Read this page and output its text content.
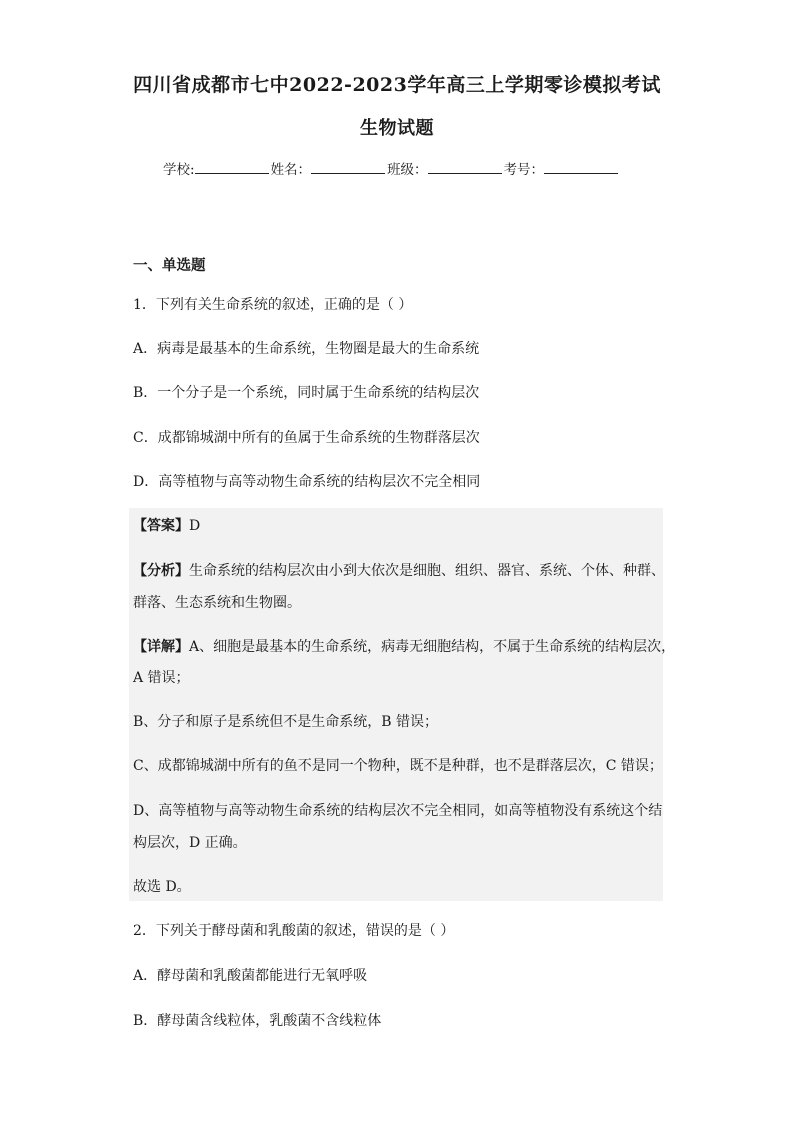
四川省成都市七中2022-2023学年高三上学期零诊模拟考试
生物试题
学校:	姓名：	班级：	考号：
一、单选题
1．下列有关生命系统的叙述，正确的是（ ）
A．病毒是最基本的生命系统，生物圈是最大的生命系统
B．一个分子是一个系统，同时属于生命系统的结构层次
C．成都锦城湖中所有的鱼属于生命系统的生物群落层次
D．高等植物与高等动物生命系统的结构层次不完全相同
【答案】D
【分析】生命系统的结构层次由小到大依次是细胞、组织、器官、系统、个体、种群、
群落、生态系统和生物圈。
【详解】A、细胞是最基本的生命系统，病毒无细胞结构，不属于生命系统的结构层次，
A 错误；
B、分子和原子是系统但不是生命系统，B 错误；
C、成都锦城湖中所有的鱼不是同一个物种，既不是种群，也不是群落层次，C 错误；
D、高等植物与高等动物生命系统的结构层次不完全相同，如高等植物没有系统这个结
构层次，D 正确。
故选 D。
2．下列关于酵母菌和乳酸菌的叙述，错误的是（ ）
A．酵母菌和乳酸菌都能进行无氧呼吸
B．酵母菌含线粒体，乳酸菌不含线粒体
